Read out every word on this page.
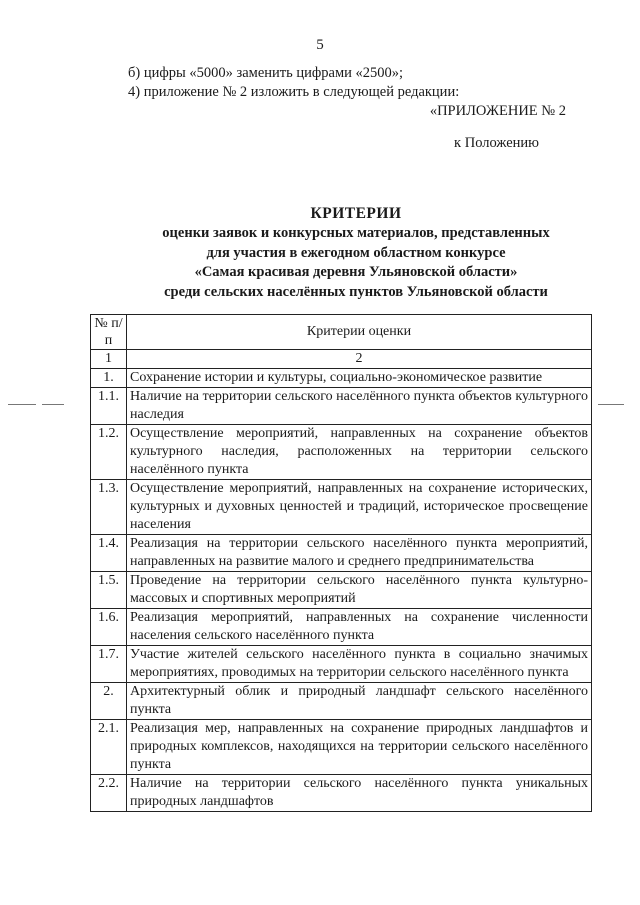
5
б) цифры «5000» заменить цифрами «2500»;
4) приложение № 2 изложить в следующей редакции:
«ПРИЛОЖЕНИЕ № 2
к Положению
КРИТЕРИИ
оценки заявок и конкурсных материалов, представленных
для участия в ежегодном областном конкурсе
«Самая красивая деревня Ульяновской области»
среди сельских населённых пунктов Ульяновской области
№ п/п	Критерии оценки
1	2
1.	Сохранение истории и культуры, социально-экономическое развитие
1.1.	Наличие на территории сельского населённого пункта объектов культурного наследия
1.2.	Осуществление мероприятий, направленных на сохранение объектов культурного наследия, расположенных на территории сельского населённого пункта
1.3.	Осуществление мероприятий, направленных на сохранение исторических, культурных и духовных ценностей и традиций, историческое просвещение населения
1.4.	Реализация на территории сельского населённого пункта мероприятий, направленных на развитие малого и среднего предпринимательства
1.5.	Проведение на территории сельского населённого пункта культурно-массовых и спортивных мероприятий
1.6.	Реализация мероприятий, направленных на сохранение численности населения сельского населённого пункта
1.7.	Участие жителей сельского населённого пункта в социально значимых мероприятиях, проводимых на территории сельского населённого пункта
2.	Архитектурный облик и природный ландшафт сельского населённого пункта
2.1.	Реализация мер, направленных на сохранение природных ландшафтов и природных комплексов, находящихся на территории сельского населённого пункта
2.2.	Наличие на территории сельского населённого пункта уникальных природных ландшафтов
